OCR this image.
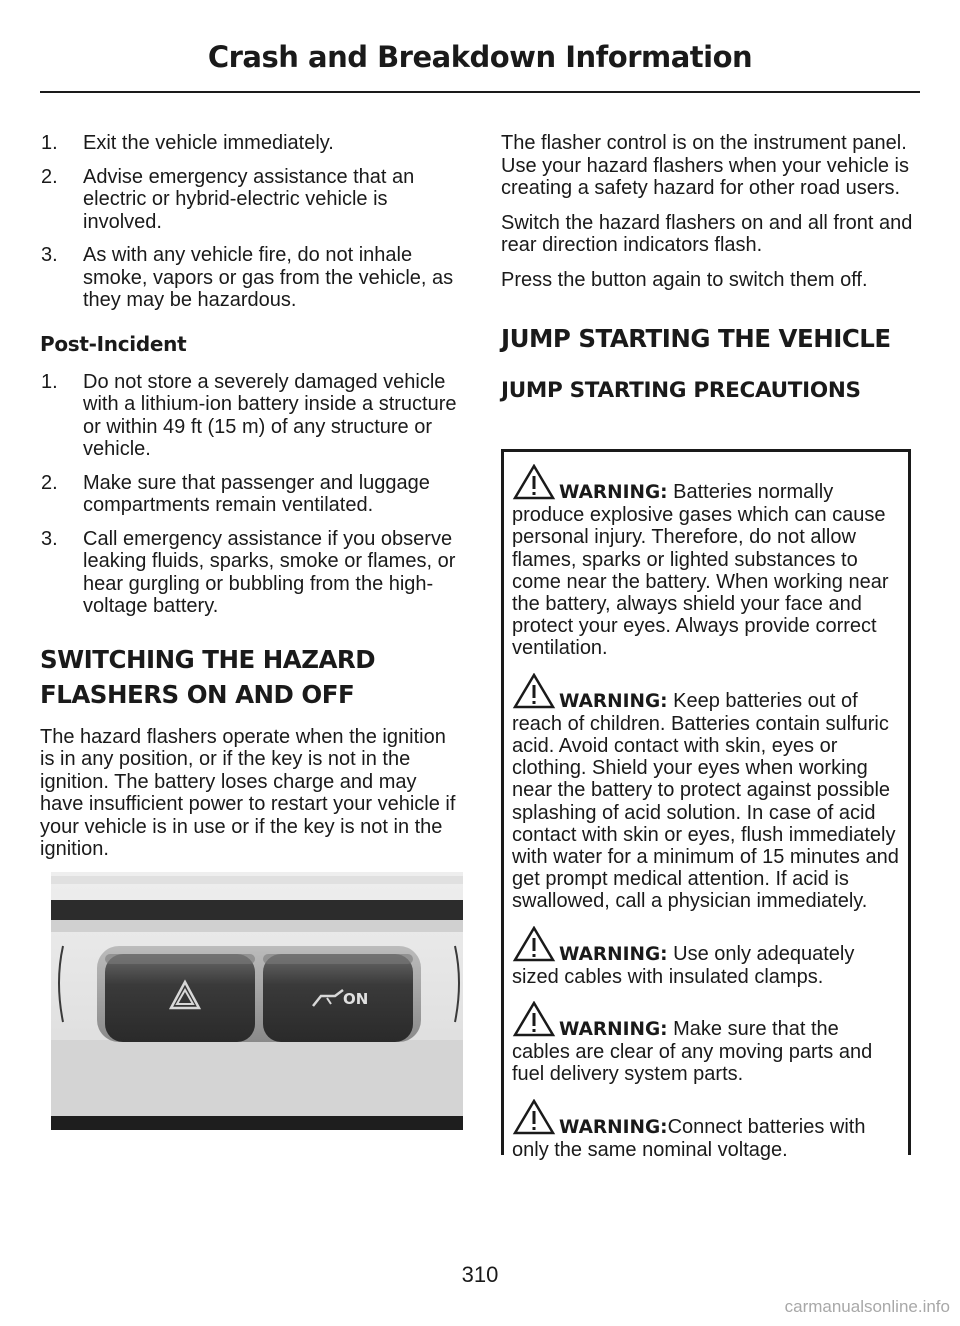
Crash and Breakdown Information
1. Exit the vehicle immediately.
2. Advise emergency assistance that an electric or hybrid-electric vehicle is involved.
3. As with any vehicle fire, do not inhale smoke, vapors or gas from the vehicle, as they may be hazardous.
Post-Incident
1. Do not store a severely damaged vehicle with a lithium-ion battery inside a structure or within 49 ft (15 m) of any structure or vehicle.
2. Make sure that passenger and luggage compartments remain ventilated.
3. Call emergency assistance if you observe leaking fluids, sparks, smoke or flames, or hear gurgling or bubbling from the high-voltage battery.
SWITCHING THE HAZARD
FLASHERS ON AND OFF

The hazard flashers operate when the ignition is in any position, or if the key is not in the ignition. The battery loses charge and may have insufficient power to restart your vehicle if your vehicle is in use or if the key is not in the ignition.

ON

The flasher control is on the instrument panel. Use your hazard flashers when your vehicle is creating a safety hazard for other road users.

Switch the hazard flashers on and all front and rear direction indicators flash.

Press the button again to switch them off.

JUMP STARTING THE VEHICLE
JUMP STARTING PRECAUTIONS

WARNING: Batteries normally produce explosive gases which can cause personal injury. Therefore, do not allow flames, sparks or lighted substances to come near the battery. When working near the battery, always shield your face and protect your eyes. Always provide correct ventilation.

WARNING: Keep batteries out of reach of children. Batteries contain sulfuric acid. Avoid contact with skin, eyes or clothing. Shield your eyes when working near the battery to protect against possible splashing of acid solution. In case of acid contact with skin or eyes, flush immediately with water for a minimum of 15 minutes and get prompt medical attention. If acid is swallowed, call a physician immediately.

WARNING: Use only adequately sized cables with insulated clamps.

WARNING: Make sure that the cables are clear of any moving parts and fuel delivery system parts.

WARNING:Connect batteries with only the same nominal voltage.

310
carmanualsonline.info
